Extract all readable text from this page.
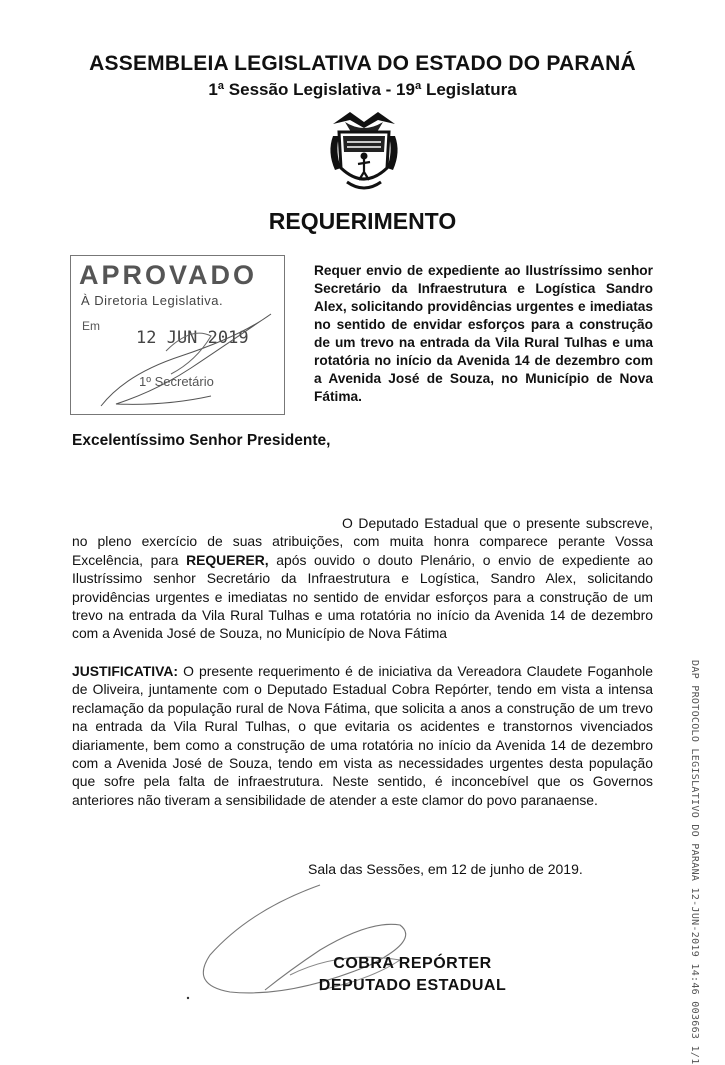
ASSEMBLEIA LEGISLATIVA DO ESTADO DO PARANÁ
1ª Sessão Legislativa - 19ª Legislatura
REQUERIMENTO
APROVADO
À Diretoria Legislativa.
Em
12 JUN 2019
1º Secretário
Requer envio de expediente ao Ilustríssimo senhor Secretário da Infraestrutura e Logística Sandro Alex, solicitando providências urgentes e imediatas no sentido de envidar esforços para a construção de um trevo na entrada da Vila Rural Tulhas e uma rotatória no início da Avenida 14 de dezembro com a Avenida José de Souza, no Município de Nova Fátima.
Excelentíssimo Senhor Presidente,
O Deputado Estadual que o presente subscreve, no pleno exercício de suas atribuições, com muita honra comparece perante Vossa Excelência, para REQUERER, após ouvido o douto Plenário, o envio de expediente ao Ilustríssimo senhor Secretário da Infraestrutura e Logística, Sandro Alex, solicitando providências urgentes e imediatas no sentido de envidar esforços para a construção de um trevo na entrada da Vila Rural Tulhas e uma rotatória no início da Avenida 14 de dezembro com a Avenida José de Souza, no Município de Nova Fátima
JUSTIFICATIVA: O presente requerimento é de iniciativa da Vereadora Claudete Foganhole de Oliveira, juntamente com o Deputado Estadual Cobra Repórter, tendo em vista a intensa reclamação da população rural de Nova Fátima, que solicita a anos a construção de um trevo na entrada da Vila Rural Tulhas, o que evitaria os acidentes e transtornos vivenciados diariamente, bem como a construção de uma rotatória no início da Avenida 14 de dezembro com a Avenida José de Souza, tendo em vista as necessidades urgentes desta população que sofre pela falta de infraestrutura. Neste sentido, é inconcebível que os Governos anteriores não tiveram a sensibilidade de atender a este clamor do povo paranaense.
Sala das Sessões, em 12 de junho de 2019.
COBRA REPÓRTER
DEPUTADO ESTADUAL	DAP PROTOCOLO LEGISLATIVO DO PARANA 12-JUN-2019 14:46 003663 1/1
